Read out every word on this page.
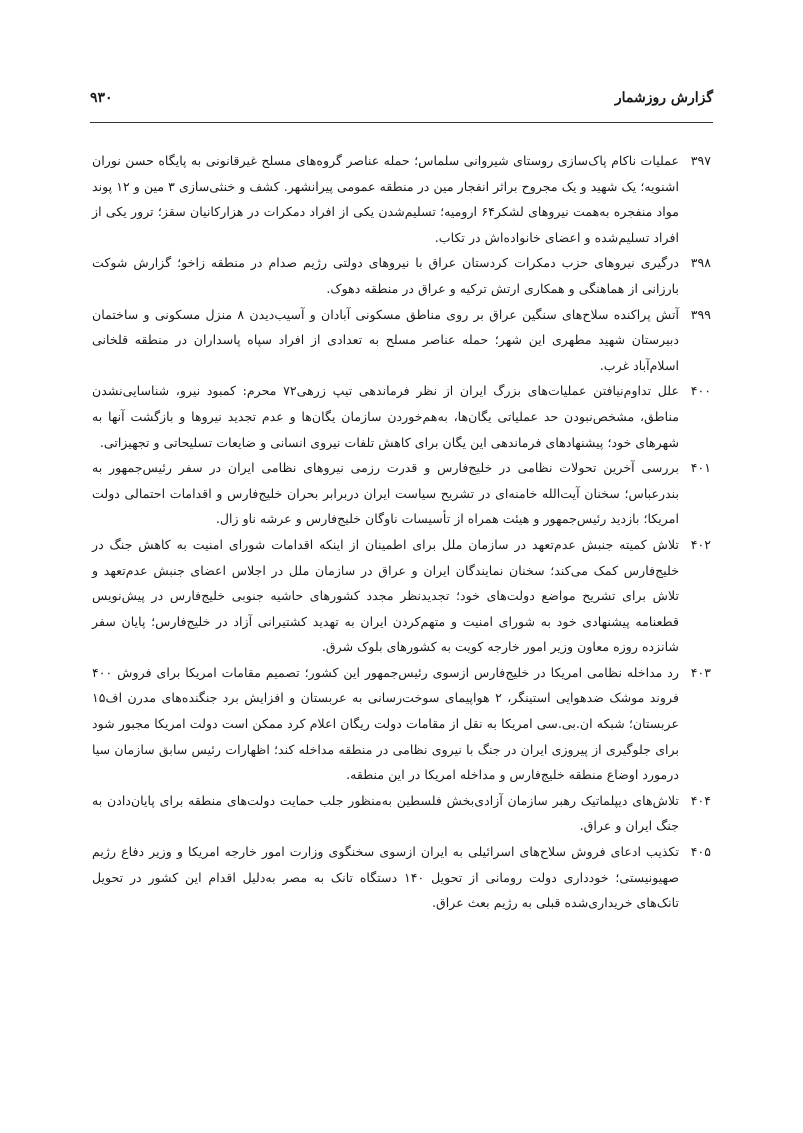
گزارش روزشمار
۹۳۰

۳۹۷
عملیات ناکام پاک‌سازی روستای شیروانی سلماس؛ حمله عناصر گروه‌های مسلح غیرقانونی به پایگاه حسن نوران اشنویه؛ یک شهید و یک مجروح براثر انفجار مین در منطقه عمومی پیرانشهر. کشف و خنثی‌سازی ۳ مین و ۱۲ پوند مواد منفجره به‌همت نیروهای لشکر۶۴ ارومیه؛ تسلیم‌شدن یکی از افراد دمکرات در هزارکانیان سقز؛ ترور یکی از افراد تسلیم‌شده و اعضای خانواده‌اش در تکاب.

۳۹۸
درگیری نیروهای حزب دمکرات کردستان عراق با نیروهای دولتی رژیم صدام در منطقه زاخو؛ گزارش شوکت بارزانی از هماهنگی و همکاری ارتش ترکیه و عراق در منطقه دهوک.

۳۹۹
آتش پراکنده سلاح‌های سنگین عراق بر روی مناطق مسکونی آبادان و آسیب‌دیدن ۸ منزل مسکونی و ساختمان دبیرستان شهید مطهری این شهر؛ حمله عناصر مسلح به تعدادی از افراد سپاه پاسداران در منطقه قلخانی اسلام‌آباد غرب.

۴۰۰
علل تداوم‌نیافتن عملیات‌های بزرگ ایران از نظر فرماندهی تیپ زرهی۷۲ محرم: کمبود نیرو، شناسایی‌نشدن مناطق، مشخص‌نبودن حد عملیاتی یگان‌ها، به‌هم‌خوردن سازمان یگان‌ها و عدم تجدید نیروها و بازگشت آنها به شهرهای خود؛ پیشنهادهای فرماندهی این یگان برای کاهش تلفات نیروی انسانی و ضایعات تسلیحاتی و تجهیزاتی.

۴۰۱
بررسی آخرین تحولات نظامی در خلیج‌فارس و قدرت رزمی نیروهای نظامی ایران در سفر رئیس‌جمهور به بندرعباس؛ سخنان آیت‌الله خامنه‌ای در تشریح سیاست ایران دربرابر بحران خلیج‌فارس و اقدامات احتمالی دولت امریکا؛ بازدید رئیس‌جمهور و هیئت همراه از تأسیسات ناوگان خلیج‌فارس و عرشه ناو زال.

۴۰۲
تلاش کمیته جنبش عدم‌تعهد در سازمان ملل برای اطمینان از اینکه اقدامات شورای امنیت به کاهش جنگ در خلیج‌فارس کمک می‌کند؛ سخنان نمایندگان ایران و عراق در سازمان ملل در اجلاس اعضای جنبش عدم‌تعهد و تلاش برای تشریح مواضع دولت‌های خود؛ تجدیدنظر مجدد کشورهای حاشیه جنوبی خلیج‌فارس در پیش‌نویس قطعنامه پیشنهادی خود به شورای امنیت و متهم‌کردن ایران به تهدید کشتیرانی آزاد در خلیج‌فارس؛ پایان سفر شانزده روزه معاون وزیر امور خارجه کویت به کشورهای بلوک شرق.

۴۰۳
رد مداخله نظامی امریکا در خلیج‌فارس ازسوی رئیس‌جمهور این کشور؛ تصمیم مقامات امریکا برای فروش ۴۰۰ فروند موشک ضدهوایی استینگر، ۲ هواپیمای سوخت‌رسانی به عربستان و افزایش برد جنگنده‌های مدرن اف۱۵ عربستان؛ شبکه ان.بی.سی امریکا به نقل از مقامات دولت ریگان اعلام کرد ممکن است دولت امریکا مجبور شود برای جلوگیری از پیروزی ایران در جنگ با نیروی نظامی در منطقه مداخله کند؛ اظهارات رئیس سابق سازمان سیا درمورد اوضاع منطقه خلیج‌فارس و مداخله امریکا در این منطقه.

۴۰۴
تلاش‌های دیپلماتیک رهبر سازمان آزادی‌بخش فلسطین به‌منظور جلب حمایت دولت‌های منطقه برای پایان‌دادن به جنگ ایران و عراق.

۴۰۵
تکذیب ادعای فروش سلاح‌های اسرائیلی به ایران ازسوی سخنگوی وزارت امور خارجه امریکا و وزیر دفاع رژیم صهیونیستی؛ خودداری دولت رومانی از تحویل ۱۴۰ دستگاه تانک به مصر به‌دلیل اقدام این کشور در تحویل تانک‌های خریداری‌شده قبلی به رژیم بعث عراق.
